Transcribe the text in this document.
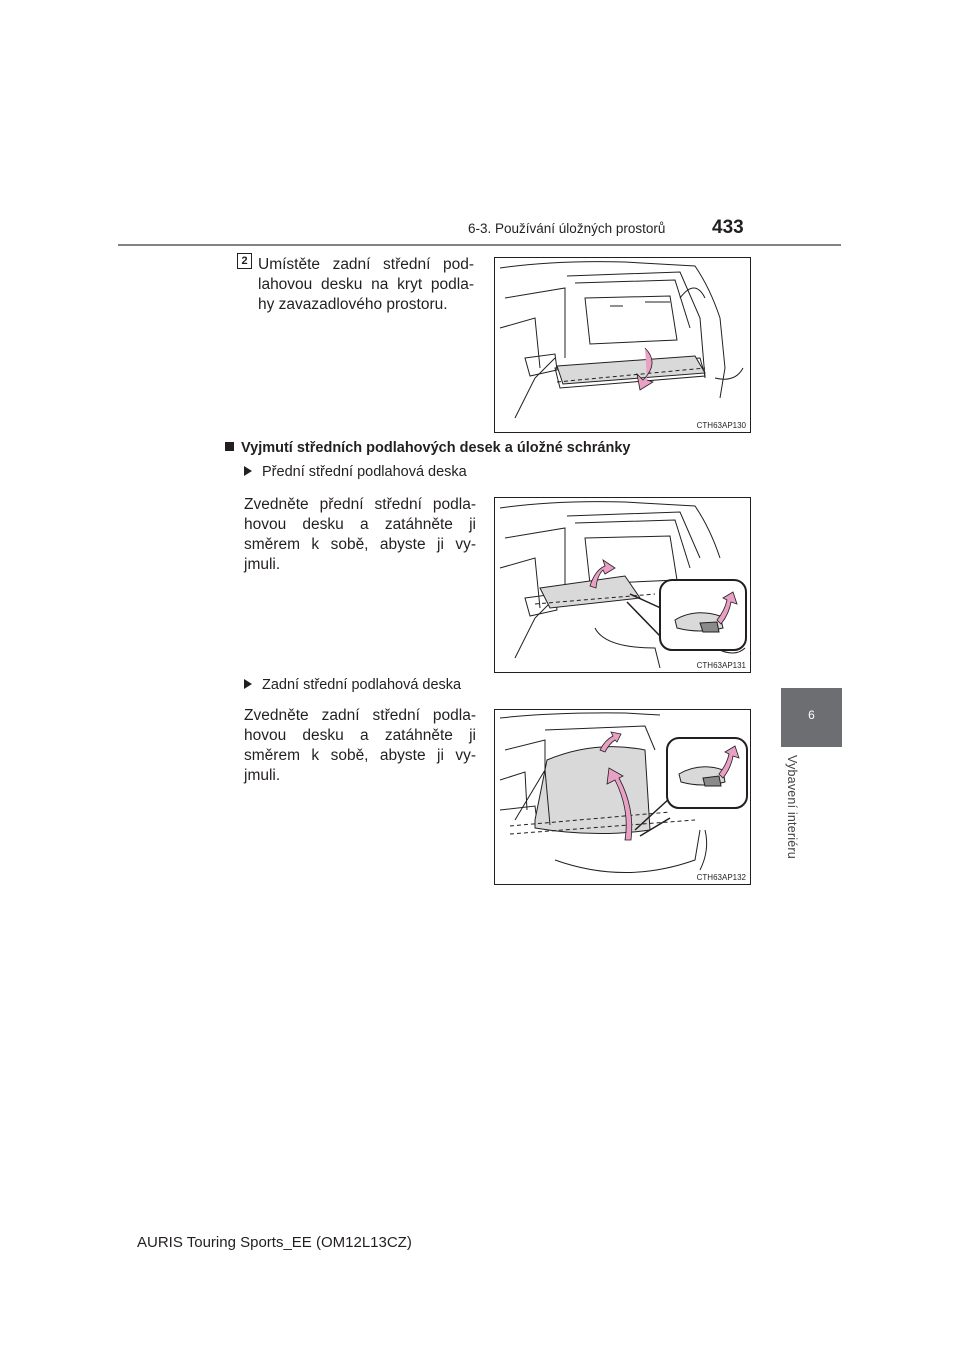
6-3. Používání úložných prostorů 433
6
Vybavení interiéru
2 Umístěte zadní střední pod-
lahovou desku na kryt podla-
hy zavazadlového prostoru.
CTH63AP130
Vyjmutí středních podlahových desek a úložné schránky
Přední střední podlahová deska
Zvedněte přední střední podla-
hovou desku a zatáhněte ji
směrem k sobě, abyste ji vy-
jmuli.
CTH63AP131
Zadní střední podlahová deska
Zvedněte zadní střední podla-
hovou desku a zatáhněte ji
směrem k sobě, abyste ji vy-
jmuli.
CTH63AP132
AURIS Touring Sports_EE (OM12L13CZ)
